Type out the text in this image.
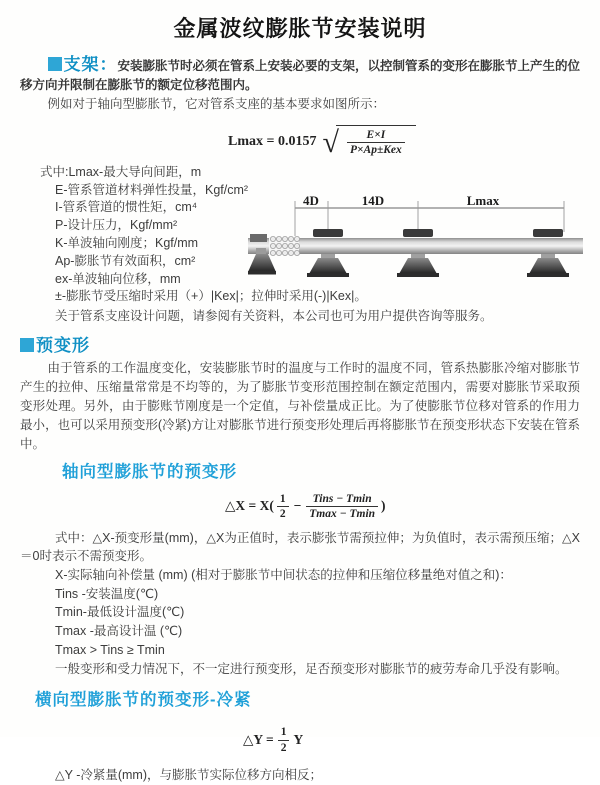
金属波纹膨胀节安装说明

支架：安装膨胀节时必须在管系上安装必要的支架，以控制管系的变形在膨胀节上产生的位移方向并限制在膨胀节的额定位移范围内。

例如对于轴向型膨胀节，它对管系支座的基本要求如图所示：

Lmax = 0.0157 √ $\frac{E\times I}{\text{P×Ap±Kex}}$
式中:Lmax-最大导向间距，m
E-管系管道材料弹性投量，Kgf/cm²
I-管系管道的惯性矩，cm⁴
P-设计压力，Kgf/mm²
K-单波轴向刚度；Kgf/mm
Ap-膨胀节有效面积，cm²
ex-单波轴向位移，mm
±-膨胀节受压缩时采用（+）|Kex|；拉伸时采用(-)|Kex|。
关于管系支座设计问题，请参阅有关资料，本公司也可为用户提供咨询等服务。
4D	14D	Lmax
预变形

由于管系的工作温度变化，安装膨胀节时的温度与工作时的温度不同，管系热膨胀冷缩对膨胀节产生的拉伸、压缩量常常是不均等的，为了膨胀节变形范围控制在额定范围内，需要对膨胀节采取预变形处理。另外，由于膨账节刚度是一个定值，与补偿量成正比。为了使膨胀节位移对管系的作用力最小，也可以采用预变形(冷紧)方让对膨胀节进行预变形处理后再将膨胀节在预变形状态下安装在管系中。

轴向型膨胀节的预变形
△X = $X( \frac{1}{2} - \frac{\text{Tins − Tmin}}{Tmax - Tmin}$ )

式中：△X-预变形量(mm)，△X为正值时，表示膨张节需预拉伸；为负值时，表示需预压缩；△X＝0时表示不需预变形。

X-实际轴向补偿量 (mm) (相对于膨胀节中间状态的拉伸和压缩位移量绝对值之和)：
Tins -安装温度(℃)
Tmin-最低设计温度(℃)
Tmax -最高设计温 (℃)
Tmax > Tins ≥ Tmin
一般变形和受力情况下，不一定进行预变形，足否预变形对膨胀节的疲劳寿命几乎没有影响。
横向型膨胀节的预变形-冷紧
△Y = $\frac{1}{2}$ Y
△Y -冷紧量(mm)，与膨胀节实际位移方向相反；
